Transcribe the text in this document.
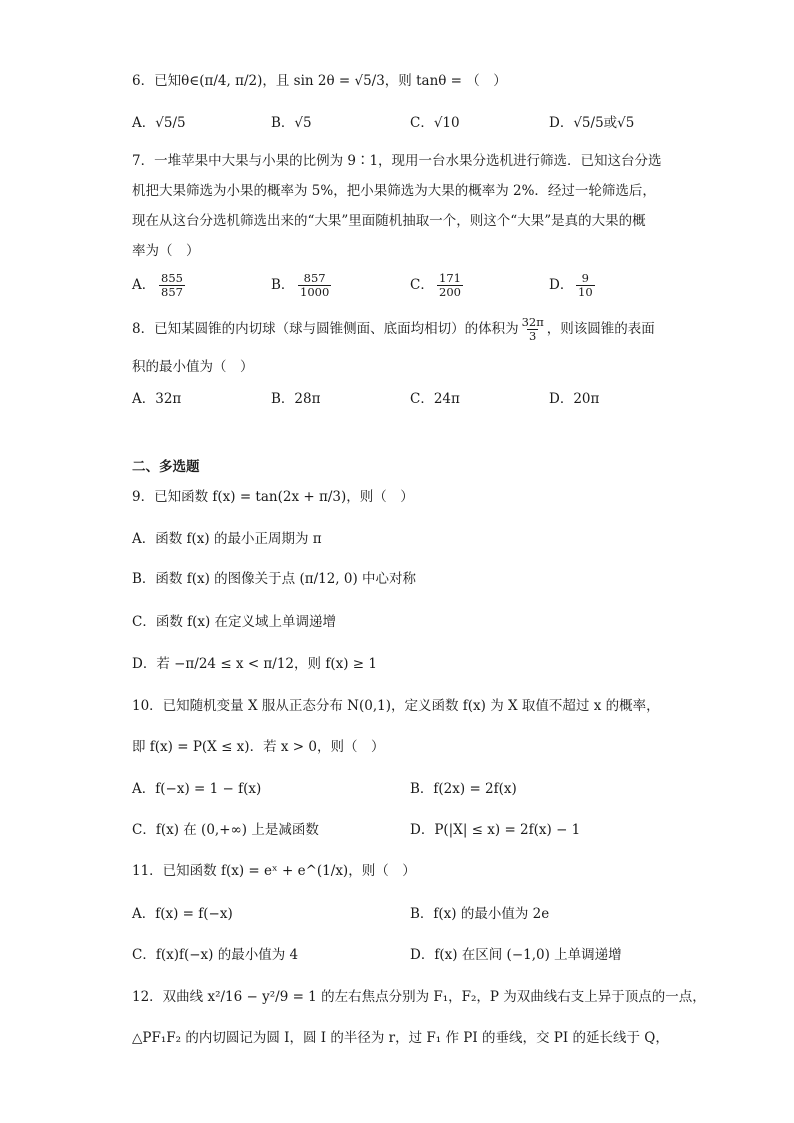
6．已知θ∈(π/4, π/2)，且 sin 2θ = √5/3，则 tanθ = （　）
A．√5/5	B．√5	C．√10	D．√5/5或√5
7．一堆苹果中大果与小果的比例为 9∶1，现用一台水果分选机进行筛选．已知这台分选
机把大果筛选为小果的概率为 5%，把小果筛选为大果的概率为 2%．经过一轮筛选后，
现在从这台分选机筛选出来的“大果”里面随机抽取一个，则这个“大果”是真的大果的概
率为（　）
A． $\frac{855}{857}$	B． $\frac{857}{1000}$	C． $\frac{171}{200}$	D． $\frac{9}{10}$
8．已知某圆锥的内切球（球与圆锥侧面、底面均相切）的体积为 $\frac{32\pi}{3}$ ，则该圆锥的表面
积的最小值为（　）
A．32π	B．28π	C．24π	D．20π
二、多选题
9．已知函数 f(x) = tan(2x + π/3)，则（　）
A．函数 f(x) 的最小正周期为 π
B．函数 f(x) 的图像关于点 (π/12, 0) 中心对称
C．函数 f(x) 在定义域上单调递增
D．若 −π/24 ≤ x < π/12，则 f(x) ≥ 1
10．已知随机变量 X 服从正态分布 N(0,1)，定义函数 f(x) 为 X 取值不超过 x 的概率，
即 f(x) = P(X ≤ x)．若 x > 0，则（　）
A．f(−x) = 1 − f(x)	B．f(2x) = 2f(x)
C．f(x) 在 (0,+∞) 上是减函数	D．P(|X| ≤ x) = 2f(x) − 1
11．已知函数 f(x) = eˣ + e^(1/x)，则（　）
A．f(x) = f(−x)	B．f(x) 的最小值为 2e
C．f(x)f(−x) 的最小值为 4	D．f(x) 在区间 (−1,0) 上单调递增
12．双曲线 x²/16 − y²/9 = 1 的左右焦点分别为 F₁，F₂，P 为双曲线右支上异于顶点的一点，
△PF₁F₂ 的内切圆记为圆 I，圆 I 的半径为 r，过 F₁ 作 PI 的垂线，交 PI 的延长线于 Q，
